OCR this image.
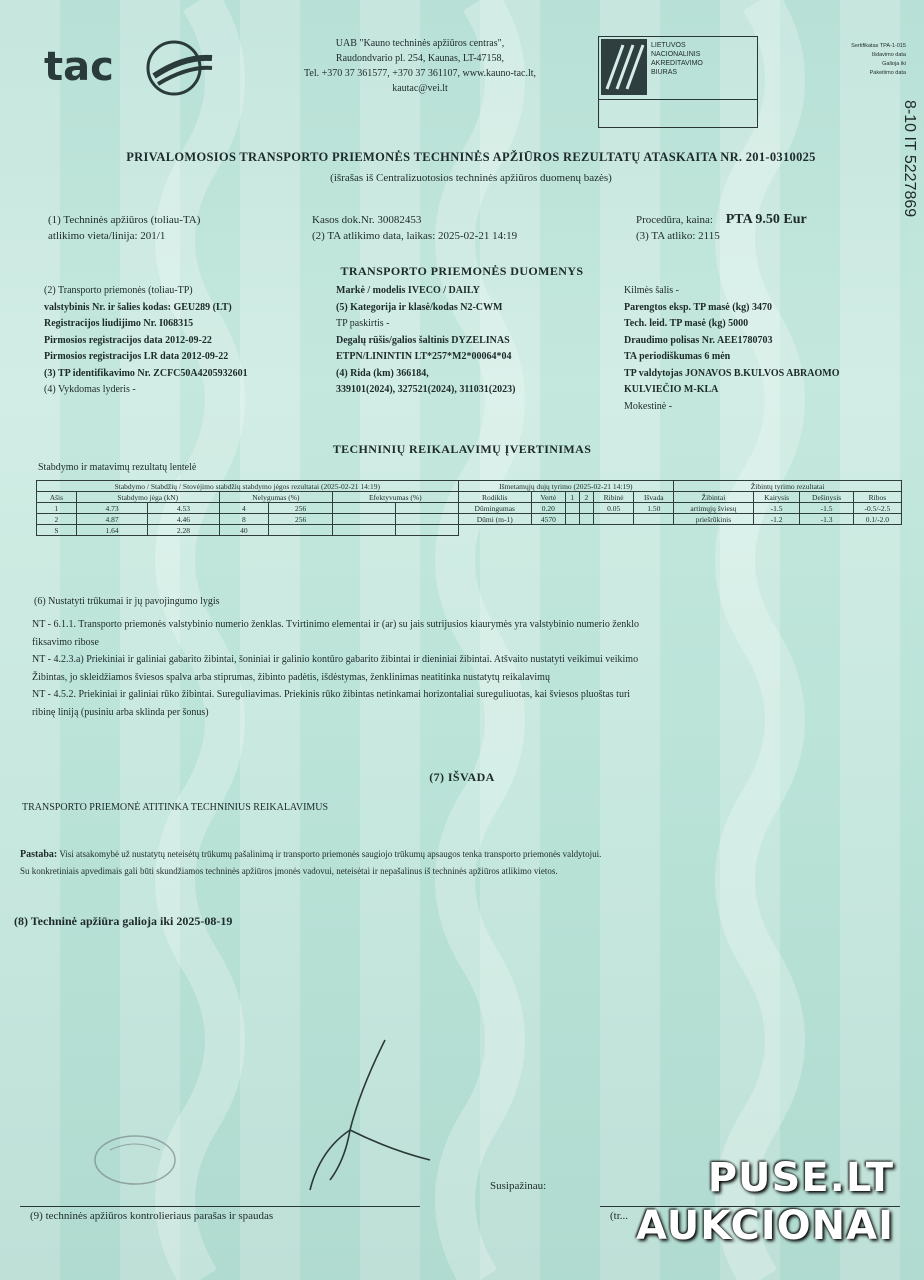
tac
UAB "Kauno techninės apžiūros centras",
Raudondvario pl. 254, Kaunas, LT-47158,
Tel. +370 37 361577, +370 37 361107, www.kauno-tac.lt,
kautac@vei.lt
LIETUVOS
NACIONALINIS
AKREDITAVIMO
BIURAS
Sertifikatas TPA-1-015
Išdavimo data
Galioja iki
Pakeitimo data
8-10 IT 5227869
PRIVALOMOSIOS TRANSPORTO PRIEMONĖS TECHNINĖS APŽIŪROS REZULTATŲ ATASKAITA NR. 201-0310025
(išrašas iš Centralizuotosios techninės apžiūros duomenų bazės)
(1) Techninės apžiūros (toliau-TA)
atlikimo vieta/linija: 201/1
Kasos dok.Nr. 30082453
(2) TA atlikimo data, laikas: 2025-02-21 14:19
Procedūra, kaina: PTA 9.50 Eur
(3) TA atliko: 2115
TRANSPORTO PRIEMONĖS DUOMENYS
(2) Transporto priemonės (toliau-TP)
valstybinis Nr. ir šalies kodas: GEU289 (LT)
Registracijos liudijimo Nr. I068315
Pirmosios registracijos data 2012-09-22
Pirmosios registracijos LR data 2012-09-22
(3) TP identifikavimo Nr. ZCFC50A4205932601
(4) Vykdomas lyderis -
Markė / modelis IVECO / DAILY
(5) Kategorija ir klasė/kodas N2-CWM
TP paskirtis -
Degalų rūšis/galios šaltinis DYZELINAS
ETPN/LININTIN LT*257*M2*00064*04
(4) Rida (km) 366184,
339101(2024), 327521(2024), 311031(2023)
Kilmės šalis -
Parengtos eksp. TP masė (kg) 3470
Tech. leid. TP masė (kg) 5000
Draudimo polisas Nr. AEE1780703
TA periodiškumas 6 mėn
TP valdytojas JONAVOS B.KULVOS ABRAOMO
KULVIEČIO M-KLA
Mokestinė -
TECHNINIŲ REIKALAVIMŲ ĮVERTINIMAS
Stabdymo ir matavimų rezultatų lentelė
Stabdymo / Stabdžių / Stovėjimo stabdžių stabdymo jėgos rezultatai (2025-02-21 14:19)							Išmetamųjų dujų tyrimo (2025-02-21 14:19)						Žibintų tyrimo rezultatai			
Ašis	Stabdymo jėga (kN)		Nelygumas (%)		Efektyvumas (%)		Rodiklis	Vertė	1	2	Ribinė	Išvada	Žibintai	Kairysis	Dešinysis	Ribos
1	4.73	4.53	4	256			Dūmingumas	0.20			0.05	1.50	artimųjų šviesų	-1.5	-1.5	-0.5/-2.5
2	4.87	4.46	8	256			Dūmi (m-1)	4570					priešrūkinis	-1.2	-1.3	0.1/-2.0
S	1.64	2.28	40													
(6) Nustatyti trūkumai ir jų pavojingumo lygis
NT - 6.1.1. Transporto priemonės valstybinio numerio ženklas. Tvirtinimo elementai ir (ar) su jais sutrijusios kiaurymės yra valstybinio numerio ženklo
fiksavimo ribose
NT - 4.2.3.a) Priekiniai ir galiniai gabarito žibintai, šoniniai ir galinio kontūro gabarito žibintai ir dieniniai žibintai. Atšvaito nustatyti veikimui veikimo
Žibintas, jo skleidžiamos šviesos spalva arba stiprumas, žibinto padėtis, išdėstymas, ženklinimas neatitinka nustatytų reikalavimų
NT - 4.5.2. Priekiniai ir galiniai rūko žibintai. Sureguliavimas. Priekinis rūko žibintas netinkamai horizontaliai sureguliuotas, kai šviesos pluoštas turi
ribinę liniją (pusiniu arba sklinda per šonus)
(7) IŠVADA
TRANSPORTO PRIEMONĖ ATITINKA TECHNINIUS REIKALAVIMUS
Pastaba: Visi atsakomybė už nustatytų neteisėtų trūkumų pašalinimą ir transporto priemonės saugiojo trūkumų apsaugos tenka transporto priemonės valdytojui.
Su konkretiniais apvedimais gali būti skundžiamos techninės apžiūros įmonės vadovui, neteisėtai ir nepašalinus iš techninės apžiūros atlikimo vietos.
(8) Techninė apžiūra galioja iki 2025-08-19
(9) techninės apžiūros kontrolieriaus parašas ir spaudas
Susipažinau:
(tr...
PUSE.LT
AUKCIONAI
